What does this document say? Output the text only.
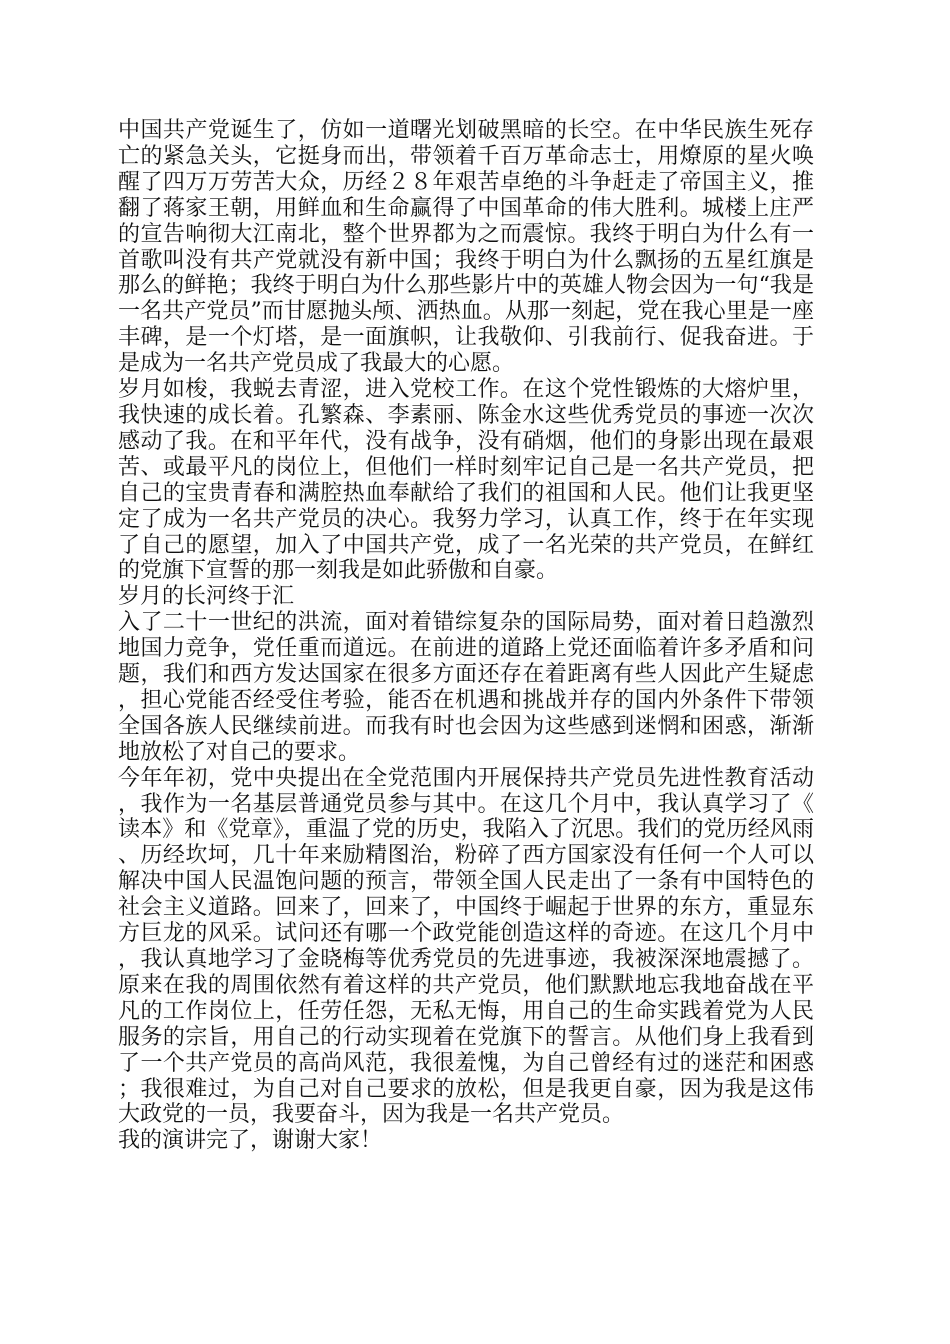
中国共产党诞生了，仿如一道曙光划破黑暗的长空。在中华民族生死存亡的紧急关头，它挺身而出，带领着千百万革命志士，用燎原的星火唤醒了四万万劳苦大众，历经２８年艰苦卓绝的斗争赶走了帝国主义，推翻了蒋家王朝，用鲜血和生命赢得了中国革命的伟大胜利。城楼上庄严的宣告响彻大江南北，整个世界都为之而震惊。我终于明白为什么有一首歌叫没有共产党就没有新中国；我终于明白为什么飘扬的五星红旗是那么的鲜艳；我终于明白为什么那些影片中的英雄人物会因为一句“我是一名共产党员”而甘愿抛头颅、洒热血。从那一刻起，党在我心里是一座丰碑，是一个灯塔，是一面旗帜，让我敬仰、引我前行、促我奋进。于是成为一名共产党员成了我最大的心愿。

岁月如梭，我蜕去青涩，进入党校工作。在这个党性锻炼的大熔炉里，我快速的成长着。孔繁森、李素丽、陈金水这些优秀党员的事迹一次次感动了我。在和平年代，没有战争，没有硝烟，他们的身影出现在最艰苦、或最平凡的岗位上，但他们一样时刻牢记自己是一名共产党员，把自己的宝贵青春和满腔热血奉献给了我们的祖国和人民。他们让我更坚定了成为一名共产党员的决心。我努力学习，认真工作，终于在年实现了自己的愿望，加入了中国共产党，成了一名光荣的共产党员，在鲜红的党旗下宣誓的那一刻我是如此骄傲和自豪。

岁月的长河终于汇

入了二十一世纪的洪流，面对着错综复杂的国际局势，面对着日趋激烈地国力竞争，党任重而道远。在前进的道路上党还面临着许多矛盾和问题，我们和西方发达国家在很多方面还存在着距离有些人因此产生疑虑，担心党能否经受住考验，能否在机遇和挑战并存的国内外条件下带领全国各族人民继续前进。而我有时也会因为这些感到迷惘和困惑，渐渐地放松了对自己的要求。

今年年初，党中央提出在全党范围内开展保持共产党员先进性教育活动，我作为一名基层普通党员参与其中。在这几个月中，我认真学习了《读本》和《党章》，重温了党的历史，我陷入了沉思。我们的党历经风雨、历经坎坷，几十年来励精图治，粉碎了西方国家没有任何一个人可以解决中国人民温饱问题的预言，带领全国人民走出了一条有中国特色的社会主义道路。回来了，回来了，中国终于崛起于世界的东方，重显东方巨龙的风采。试问还有哪一个政党能创造这样的奇迹。在这几个月中，我认真地学习了金晓梅等优秀党员的先进事迹，我被深深地震撼了。原来在我的周围依然有着这样的共产党员，他们默默地忘我地奋战在平凡的工作岗位上，任劳任怨，无私无悔，用自己的生命实践着党为人民服务的宗旨，用自己的行动实现着在党旗下的誓言。从他们身上我看到了一个共产党员的高尚风范，我很羞愧，为自己曾经有过的迷茫和困惑；我很难过，为自己对自己要求的放松，但是我更自豪，因为我是这伟大政党的一员，我要奋斗，因为我是一名共产党员。

我的演讲完了，谢谢大家！
